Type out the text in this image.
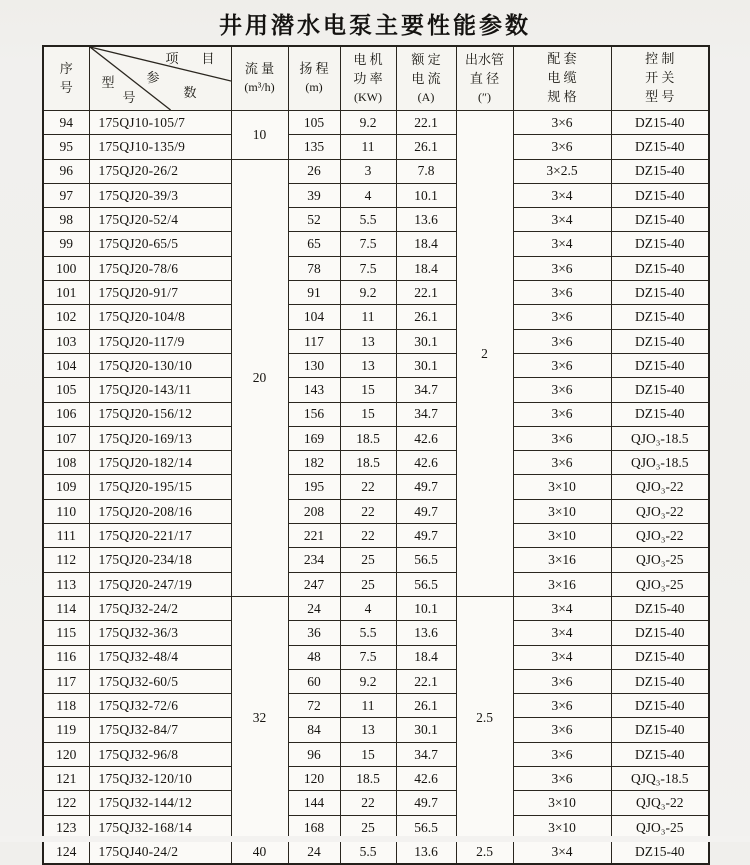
井用潜水电泵主要性能参数
序
号

项 目
参
数
型
号

流 量
(m³/h)

扬 程
(m)

电 机
功 率
(KW)

额 定
电 流
(A)

出水管
直 径
(″)

配 套
电 缆
规 格

控 制
开 关
型 号

94	175QJ10-105/7	10	105	9.2	22.1	2	3×6	DZ15-40
95	175QJ10-135/9		135	11	26.1		3×6	DZ15-40
96	175QJ20-26/2	20	26	3	7.8		3×2.5	DZ15-40
97	175QJ20-39/3		39	4	10.1		3×4	DZ15-40
98	175QJ20-52/4		52	5.5	13.6		3×4	DZ15-40
99	175QJ20-65/5		65	7.5	18.4		3×4	DZ15-40
100	175QJ20-78/6		78	7.5	18.4		3×6	DZ15-40
101	175QJ20-91/7		91	9.2	22.1		3×6	DZ15-40
102	175QJ20-104/8		104	11	26.1		3×6	DZ15-40
103	175QJ20-117/9		117	13	30.1		3×6	DZ15-40
104	175QJ20-130/10		130	13	30.1		3×6	DZ15-40
105	175QJ20-143/11		143	15	34.7		3×6	DZ15-40
106	175QJ20-156/12		156	15	34.7		3×6	DZ15-40
107	175QJ20-169/13		169	18.5	42.6		3×6	QJO₃-18.5
108	175QJ20-182/14		182	18.5	42.6		3×6	QJO₃-18.5
109	175QJ20-195/15		195	22	49.7		3×10	QJO₃-22
110	175QJ20-208/16		208	22	49.7		3×10	QJO₃-22
111	175QJ20-221/17		221	22	49.7		3×10	QJO₃-22
112	175QJ20-234/18		234	25	56.5		3×16	QJO₃-25
113	175QJ20-247/19		247	25	56.5		3×16	QJO₃-25
114	175QJ32-24/2	32	24	4	10.1	2.5	3×4	DZ15-40
115	175QJ32-36/3		36	5.5	13.6		3×4	DZ15-40
116	175QJ32-48/4		48	7.5	18.4		3×4	DZ15-40
117	175QJ32-60/5		60	9.2	22.1		3×6	DZ15-40
118	175QJ32-72/6		72	11	26.1		3×6	DZ15-40
119	175QJ32-84/7		84	13	30.1		3×6	DZ15-40
120	175QJ32-96/8		96	15	34.7		3×6	DZ15-40
121	175QJ32-120/10		120	18.5	42.6		3×6	QJQ₃-18.5
122	175QJ32-144/12		144	22	49.7		3×10	QJQ₃-22
123	175QJ32-168/14		168	25	56.5		3×10	QJO₃-25
124	175QJ40-24/2	40	24	5.5	13.6	2.5	3×4	DZ15-40
